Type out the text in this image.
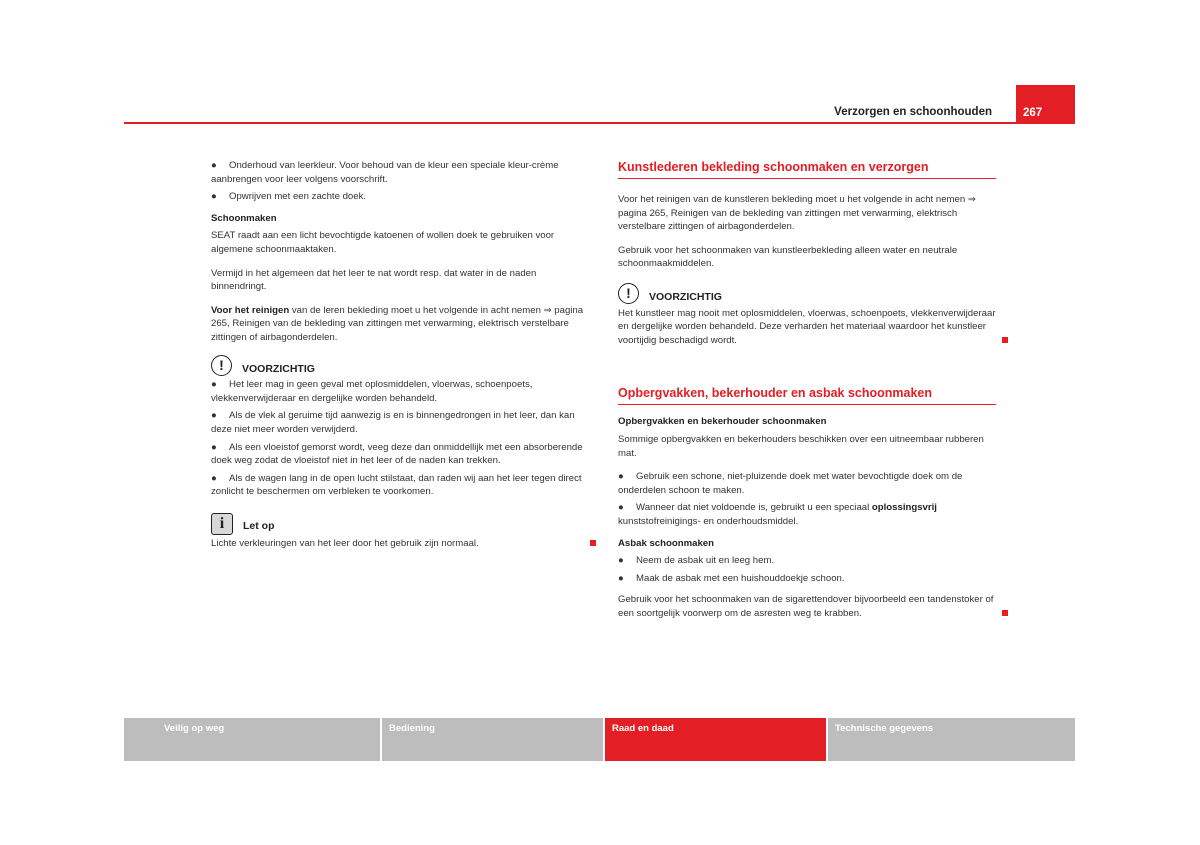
Verzorgen en schoonhouden	267
● Onderhoud van leerkleur. Voor behoud van de kleur een speciale kleur-crème aanbrengen voor leer volgens voorschrift.
● Opwrijven met een zachte doek.
Schoonmaken
SEAT raadt aan een licht bevochtigde katoenen of wollen doek te gebruiken voor algemene schoonmaaktaken.
Vermijd in het algemeen dat het leer te nat wordt resp. dat water in de naden binnendringt.
Voor het reinigen van de leren bekleding moet u het volgende in acht nemen ⇒ pagina 265, Reinigen van de bekleding van zittingen met verwarming, elektrisch verstelbare zittingen of airbagonderdelen.
!	VOORZICHTIG
● Het leer mag in geen geval met oplosmiddelen, vloerwas, schoenpoets, vlekkenverwijderaar en dergelijke worden behandeld.
● Als de vlek al geruime tijd aanwezig is en is binnengedrongen in het leer, dan kan deze niet meer worden verwijderd.
● Als een vloeistof gemorst wordt, veeg deze dan onmiddellijk met een absorberende doek weg zodat de vloeistof niet in het leer of de naden kan trekken.
● Als de wagen lang in de open lucht stilstaat, dan raden wij aan het leer tegen direct zonlicht te beschermen om verbleken te voorkomen.
i	Let op
Lichte verkleuringen van het leer door het gebruik zijn normaal.
Kunstlederen bekleding schoonmaken en verzorgen
Voor het reinigen van de kunstleren bekleding moet u het volgende in acht nemen ⇒ pagina 265, Reinigen van de bekleding van zittingen met verwarming, elektrisch verstelbare zittingen of airbagonderdelen.
Gebruik voor het schoonmaken van kunstleerbekleding alleen water en neutrale schoonmaakmiddelen.
!	VOORZICHTIG
Het kunstleer mag nooit met oplosmiddelen, vloerwas, schoenpoets, vlekkenverwijderaar en dergelijke worden behandeld. Deze verharden het materiaal waardoor het kunstleer voortijdig beschadigd wordt.
Opbergvakken, bekerhouder en asbak schoonmaken
Opbergvakken en bekerhouder schoonmaken
Sommige opbergvakken en bekerhouders beschikken over een uitneembaar rubberen mat.
● Gebruik een schone, niet-pluizende doek met water bevochtigde doek om de onderdelen schoon te maken.
● Wanneer dat niet voldoende is, gebruikt u een speciaal oplossingsvrij kunststofreinigings- en onderhoudsmiddel.
Asbak schoonmaken
● Neem de asbak uit en leeg hem.
● Maak de asbak met een huishouddoekje schoon.
Gebruik voor het schoonmaken van de sigarettendover bijvoorbeeld een tandenstoker of een soortgelijk voorwerp om de asresten weg te krabben.
Veilig op weg	Bediening	Raad en daad	Technische gegevens
